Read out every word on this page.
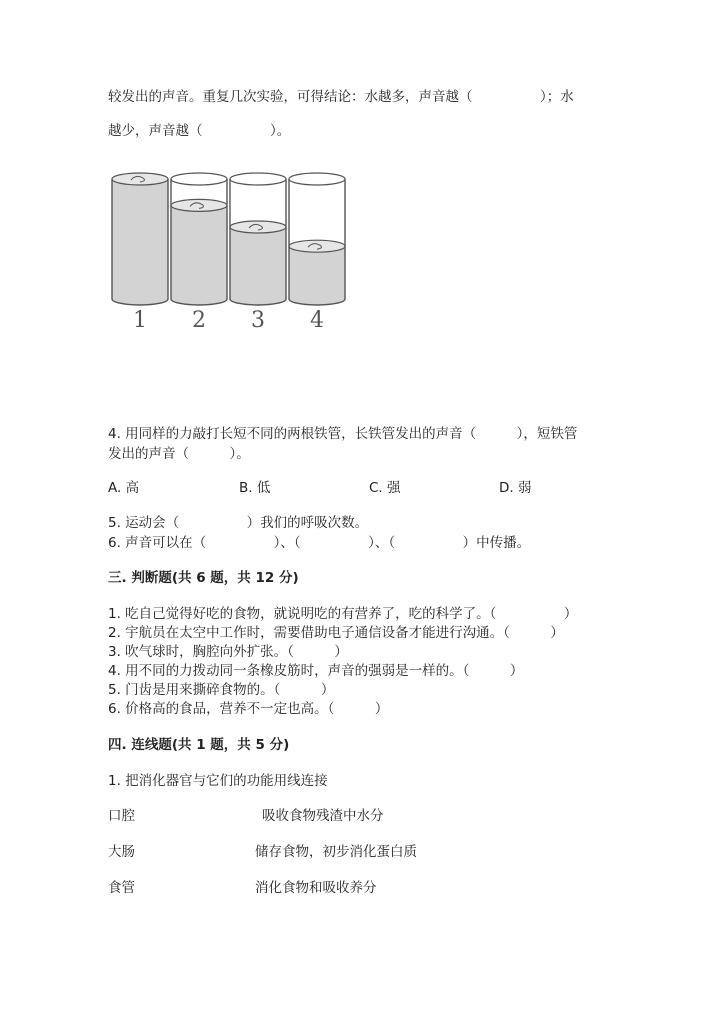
较发出的声音。重复几次实验，可得结论：水越多，声音越（　　　　　）；水
越少，声音越（　　　　　）。
1 2 3 4
4. 用同样的力敲打长短不同的两根铁管，长铁管发出的声音（　　　），短铁管
发出的声音（　　　）。
A. 高	B. 低	C. 强	D. 弱
5. 运动会（　　　　　）我们的呼吸次数。
6. 声音可以在（　　　　　）、（　　　　　）、（　　　　　）中传播。
三. 判断题(共 6 题，共 12 分)
1. 吃自己觉得好吃的食物，就说明吃的有营养了，吃的科学了。（　　　　　）
2. 宇航员在太空中工作时，需要借助电子通信设备才能进行沟通。（　　　）
3. 吹气球时，胸腔向外扩张。（　　　）
4. 用不同的力拨动同一条橡皮筋时，声音的强弱是一样的。（　　　）
5. 门齿是用来撕碎食物的。（　　　）
6. 价格高的食品，营养不一定也高。（　　　）
四. 连线题(共 1 题，共 5 分)
1. 把消化器官与它们的功能用线连接
口腔	吸收食物残渣中水分
大肠	储存食物，初步消化蛋白质
食管	消化食物和吸收养分
